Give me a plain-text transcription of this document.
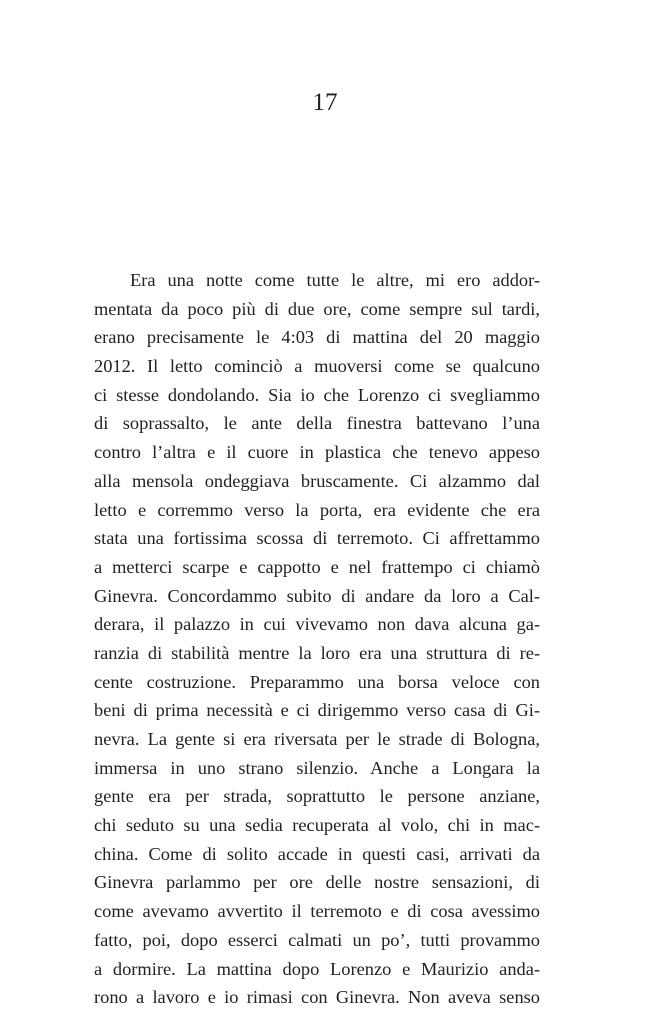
17
Era una notte come tutte le altre, mi ero addor-
mentata da poco più di due ore, come sempre sul tardi,
erano precisamente le 4:03 di mattina del 20 maggio
2012. Il letto cominciò a muoversi come se qualcuno
ci stesse dondolando. Sia io che Lorenzo ci svegliammo
di soprassalto, le ante della finestra battevano l’una
contro l’altra e il cuore in plastica che tenevo appeso
alla mensola ondeggiava bruscamente. Ci alzammo dal
letto e corremmo verso la porta, era evidente che era
stata una fortissima scossa di terremoto. Ci affrettammo
a metterci scarpe e cappotto e nel frattempo ci chiamò
Ginevra. Concordammo subito di andare da loro a Cal-
derara, il palazzo in cui vivevamo non dava alcuna ga-
ranzia di stabilità mentre la loro era una struttura di re-
cente costruzione. Preparammo una borsa veloce con
beni di prima necessità e ci dirigemmo verso casa di Gi-
nevra. La gente si era riversata per le strade di Bologna,
immersa in uno strano silenzio. Anche a Longara la
gente era per strada, soprattutto le persone anziane,
chi seduto su una sedia recuperata al volo, chi in mac-
china. Come di solito accade in questi casi, arrivati da
Ginevra parlammo per ore delle nostre sensazioni, di
come avevamo avvertito il terremoto e di cosa avessimo
fatto, poi, dopo esserci calmati un po’, tutti provammo
a dormire. La mattina dopo Lorenzo e Maurizio anda-
rono a lavoro e io rimasi con Ginevra. Non aveva senso
